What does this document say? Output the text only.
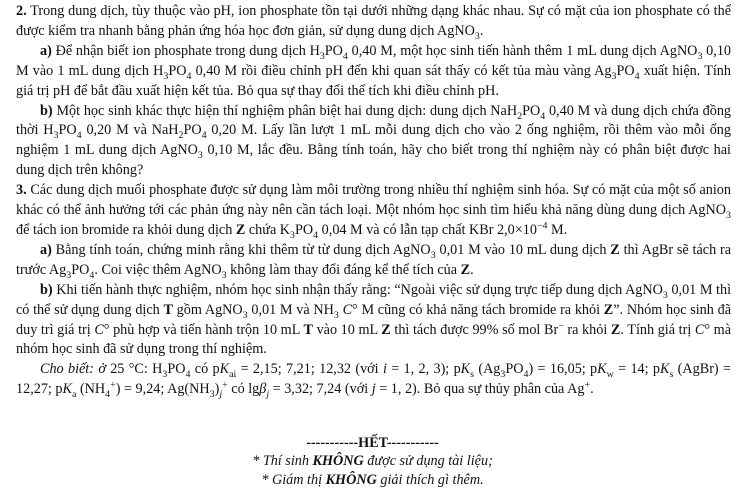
2. Trong dung dịch, tùy thuộc vào pH, ion phosphate tồn tại dưới những dạng khác nhau. Sự có mặt của ion phosphate có thể được kiểm tra nhanh bằng phản ứng hóa học đơn giản, sử dụng dung dịch AgNO$_3$.

a) Để nhận biết ion phosphate trong dung dịch $H_3PO_4$ 0,40 M, một học sinh tiến hành thêm 1 mL dung dịch AgNO$_3$ 0,10 M vào 1 mL dung dịch $H_3PO_4$ 0,40 M rồi điều chỉnh pH đến khi quan sát thấy có kết tủa màu vàng $Ag_3PO_4$ xuất hiện. Tính giá trị pH để bắt đầu xuất hiện kết tủa. Bỏ qua sự thay đổi thể tích khi điều chỉnh pH.

b) Một học sinh khác thực hiện thí nghiệm phân biệt hai dung dịch: dung dịch $NaH_2PO_4$ 0,40 M và dung dịch chứa đồng thời $H_3PO_4$ 0,20 M và $NaH_2PO_4$ 0,20 M. Lấy lần lượt 1 mL mỗi dung dịch cho vào 2 ống nghiệm, rồi thêm vào mỗi ống nghiệm 1 mL dung dịch AgNO$_3$ 0,10 M, lắc đều. Bằng tính toán, hãy cho biết trong thí nghiệm này có phân biệt được hai dung dịch trên không?

3. Các dung dịch muối phosphate được sử dụng làm môi trường trong nhiều thí nghiệm sinh hóa. Sự có mặt của một số anion khác có thể ảnh hưởng tới các phản ứng này nên cần tách loại. Một nhóm học sinh tìm hiểu khả năng dùng dung dịch AgNO$_3$ để tách ion bromide ra khỏi dung dịch Z chứa $K_3PO_4$ 0,04 M và có lẫn tạp chất KBr $2,0\times 10^{-4}$ M.

a) Bằng tính toán, chứng minh rằng khi thêm từ từ dung dịch AgNO$_3$ 0,01 M vào 10 mL dung dịch Z thì AgBr sẽ tách ra trước $Ag_3PO_4$. Coi việc thêm AgNO$_3$ không làm thay đổi đáng kể thể tích của Z.

b) Khi tiến hành thực nghiệm, nhóm học sinh nhận thấy rằng: “Ngoài việc sử dụng trực tiếp dung dịch AgNO$_3$ 0,01 M thì có thể sử dụng dung dịch T gồm AgNO$_3$ 0,01 M và $NH_3$ C° M cũng có khả năng tách bromide ra khỏi Z”. Nhóm học sinh đã duy trì giá trị C° phù hợp và tiến hành trộn 10 mL T vào 10 mL Z thì tách được 99% số mol Br− ra khỏi Z. Tính giá trị C° mà nhóm học sinh đã sử dụng trong thí nghiệm.

Cho biết: ở 25 °C: $H_3PO_4$ có $pK_{ai} = 2,15$; 7,21; 12,32 (với i = 1, 2, 3); $pK_s$ $(Ag_3PO_4) = 16,05$; $pK_w = 14$; $pK_s$ (AgBr) = 12,27; $pK_a$ $(NH_4^+) = 9,24$; $Ag(NH_3)_j^+$ có lgβ$_j$ = 3,32; 7,24 (với j = 1, 2). Bỏ qua sự thủy phân của Ag+.

-----------HẾT-----------

* Thí sinh KHÔNG được sử dụng tài liệu;

* Giám thị KHÔNG giải thích gì thêm.
